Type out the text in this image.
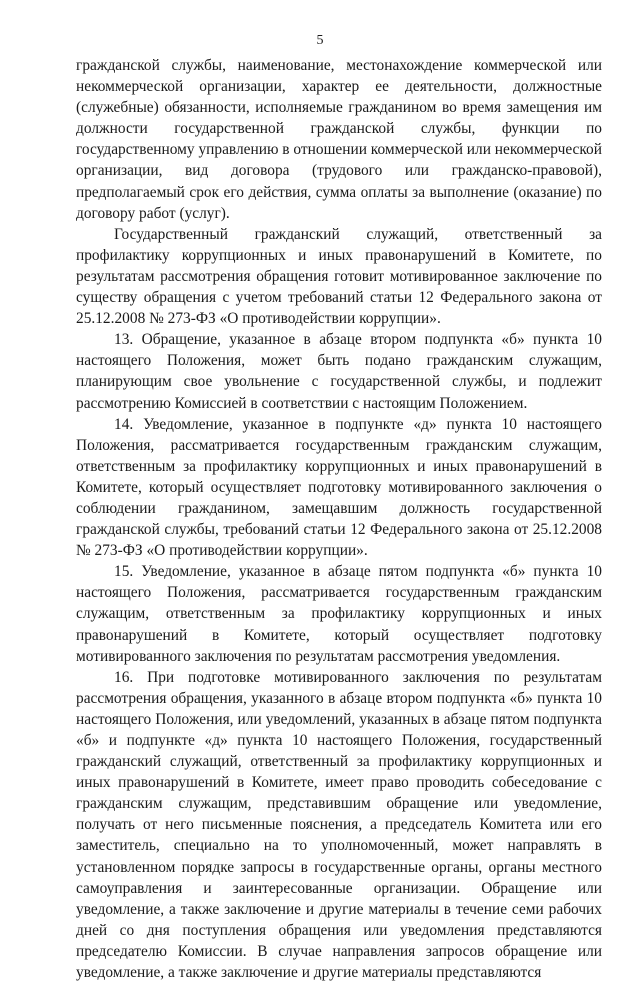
5

гражданской службы, наименование, местонахождение коммерческой или некоммерческой организации, характер ее деятельности, должностные (служебные) обязанности, исполняемые гражданином во время замещения им должности государственной гражданской службы, функции по государственному управлению в отношении коммерческой или некоммерческой организации, вид договора (трудового или гражданско-правовой), предполагаемый срок его действия, сумма оплаты за выполнение (оказание) по договору работ (услуг).

Государственный гражданский служащий, ответственный за профилактику коррупционных и иных правонарушений в Комитете, по результатам рассмотрения обращения готовит мотивированное заключение по существу обращения с учетом требований статьи 12 Федерального закона от 25.12.2008 № 273-ФЗ «О противодействии коррупции».

13. Обращение, указанное в абзаце втором подпункта «б» пункта 10 настоящего Положения, может быть подано гражданским служащим, планирующим свое увольнение с государственной службы, и подлежит рассмотрению Комиссией в соответствии с настоящим Положением.

14. Уведомление, указанное в подпункте «д» пункта 10 настоящего Положения, рассматривается государственным гражданским служащим, ответственным за профилактику коррупционных и иных правонарушений в Комитете, который осуществляет подготовку мотивированного заключения о соблюдении гражданином, замещавшим должность государственной гражданской службы, требований статьи 12 Федерального закона от 25.12.2008 № 273-ФЗ «О противодействии коррупции».

15. Уведомление, указанное в абзаце пятом подпункта «б» пункта 10 настоящего Положения, рассматривается государственным гражданским служащим, ответственным за профилактику коррупционных и иных правонарушений в Комитете, который осуществляет подготовку мотивированного заключения по результатам рассмотрения уведомления.

16. При подготовке мотивированного заключения по результатам рассмотрения обращения, указанного в абзаце втором подпункта «б» пункта 10 настоящего Положения, или уведомлений, указанных в абзаце пятом подпункта «б» и подпункте «д» пункта 10 настоящего Положения, государственный гражданский служащий, ответственный за профилактику коррупционных и иных правонарушений в Комитете, имеет право проводить собеседование с гражданским служащим, представившим обращение или уведомление, получать от него письменные пояснения, а председатель Комитета или его заместитель, специально на то уполномоченный, может направлять в установленном порядке запросы в государственные органы, органы местного самоуправления и заинтересованные организации. Обращение или уведомление, а также заключение и другие материалы в течение семи рабочих дней со дня поступления обращения или уведомления представляются председателю Комиссии. В случае направления запросов обращение или уведомление, а также заключение и другие материалы представляются
